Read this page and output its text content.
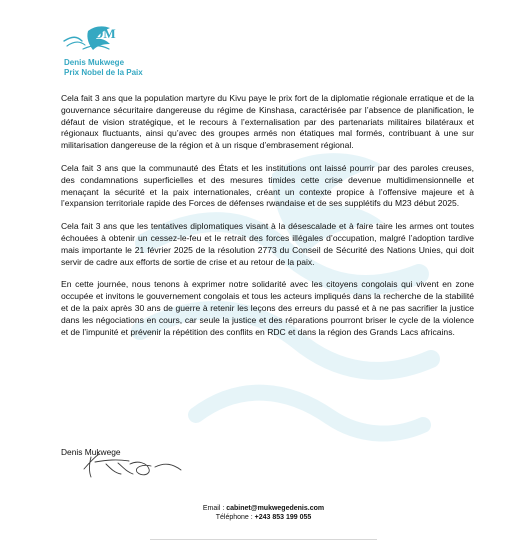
DM
Denis Mukwege
Prix Nobel de la Paix

Cela fait 3 ans que la population martyre du Kivu paye le prix fort de la diplomatie régionale erratique et de la gouvernance sécuritaire dangereuse du régime de Kinshasa, caractérisée par l’absence de planification, le défaut de vision stratégique, et le recours à l’externalisation par des partenariats militaires bilatéraux et régionaux fluctuants, ainsi qu’avec des groupes armés non étatiques mal formés, contribuant à une sur militarisation dangereuse de la région et à un risque d’embrasement régional.

Cela fait 3 ans que la communauté des États et les institutions ont laissé pourrir par des paroles creuses, des condamnations superficielles et des mesures timides cette crise devenue multidimensionnelle et menaçant la sécurité et la paix internationales, créant un contexte propice à l’offensive majeure et à l’expansion territoriale rapide des Forces de défenses rwandaise et de ses supplétifs du M23 début 2025.

Cela fait 3 ans que les tentatives diplomatiques visant à la désescalade et à faire taire les armes ont toutes échouées à obtenir un cessez-le-feu et le retrait des forces illégales d’occupation, malgré l’adoption tardive mais importante le 21 février 2025 de la résolution 2773 du Conseil de Sécurité des Nations Unies, qui doit servir de cadre aux efforts de sortie de crise et au retour de la paix.

En cette journée, nous tenons à exprimer notre solidarité avec les citoyens congolais qui vivent en zone occupée et invitons le gouvernement congolais et tous les acteurs impliqués dans la recherche de la stabilité et de la paix après 30 ans de guerre à retenir les leçons des erreurs du passé et à ne pas sacrifier la justice dans les négociations en cours, car seule la justice et des réparations pourront briser le cycle de la violence et de l’impunité et prévenir la répétition des conflits en RDC et dans la région des Grands Lacs africains.

Denis Mukwege
Email : cabinet@mukwegedenis.com
Téléphone : +243 853 199 055
